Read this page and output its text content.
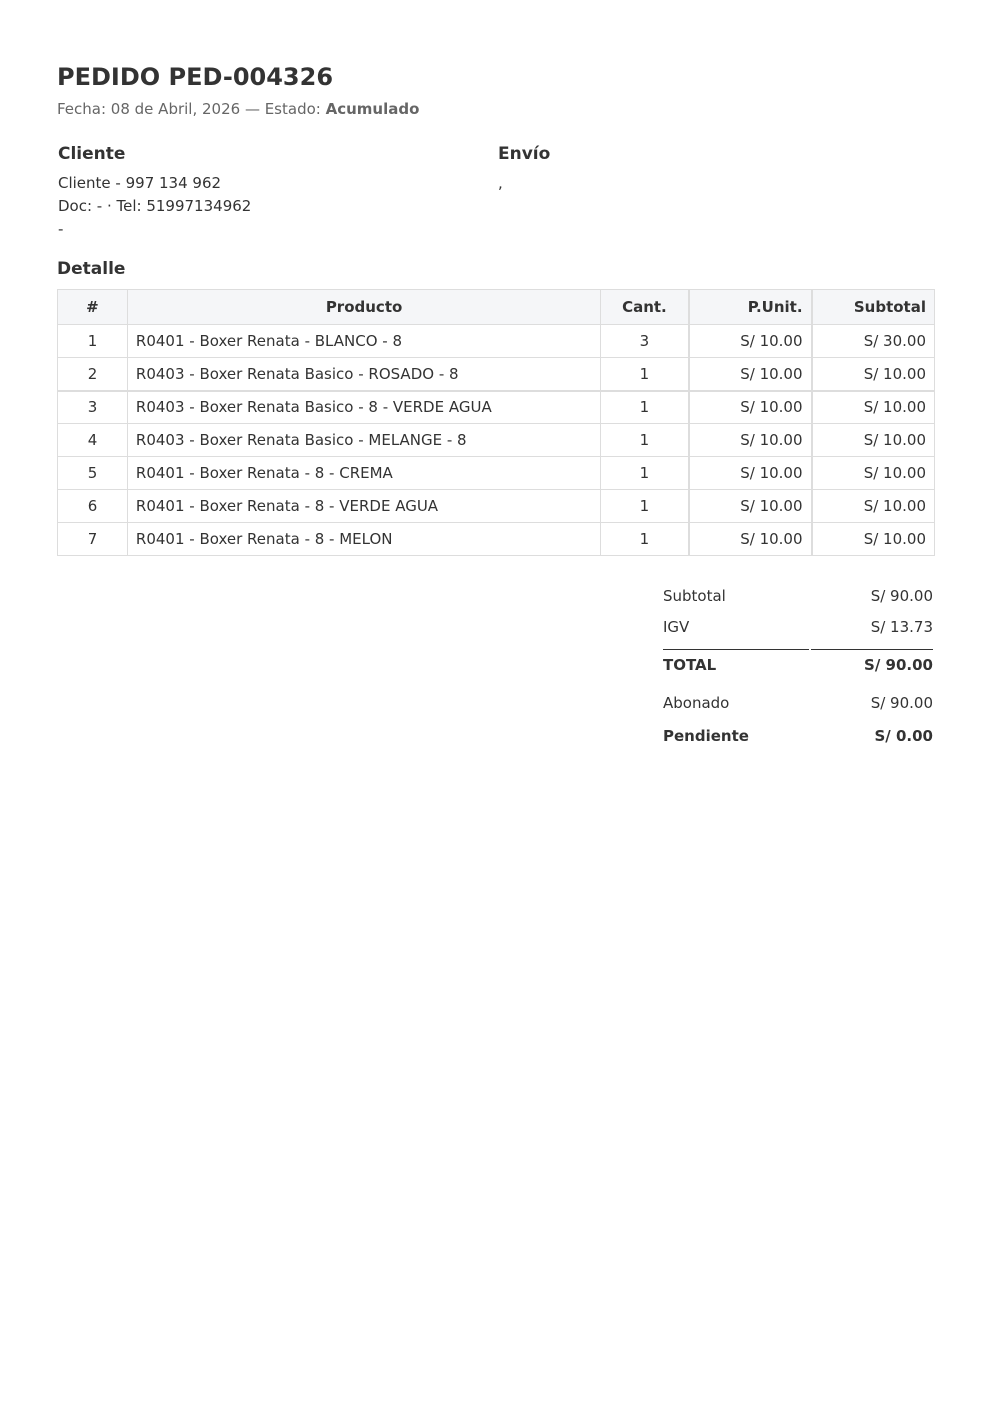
PEDIDO PED-004326
Fecha: 08 de Abril, 2026 — Estado: Acumulado
Cliente
Cliente - 997 134 962
Doc: - · Tel: 51997134962
-
Envío
,
Detalle
#	Producto	Cant.	P.Unit.	Subtotal
1	R0401 - Boxer Renata - BLANCO - 8	3	S/ 10.00	S/ 30.00
2	R0403 - Boxer Renata Basico - ROSADO - 8	1	S/ 10.00	S/ 10.00
3	R0403 - Boxer Renata Basico - 8 - VERDE AGUA	1	S/ 10.00	S/ 10.00
4	R0403 - Boxer Renata Basico - MELANGE - 8	1	S/ 10.00	S/ 10.00
5	R0401 - Boxer Renata - 8 - CREMA	1	S/ 10.00	S/ 10.00
6	R0401 - Boxer Renata - 8 - VERDE AGUA	1	S/ 10.00	S/ 10.00
7	R0401 - Boxer Renata - 8 - MELON	1	S/ 10.00	S/ 10.00
Subtotal	S/ 90.00
IGV	S/ 13.73
TOTAL	S/ 90.00
Abonado	S/ 90.00
Pendiente	S/ 0.00
